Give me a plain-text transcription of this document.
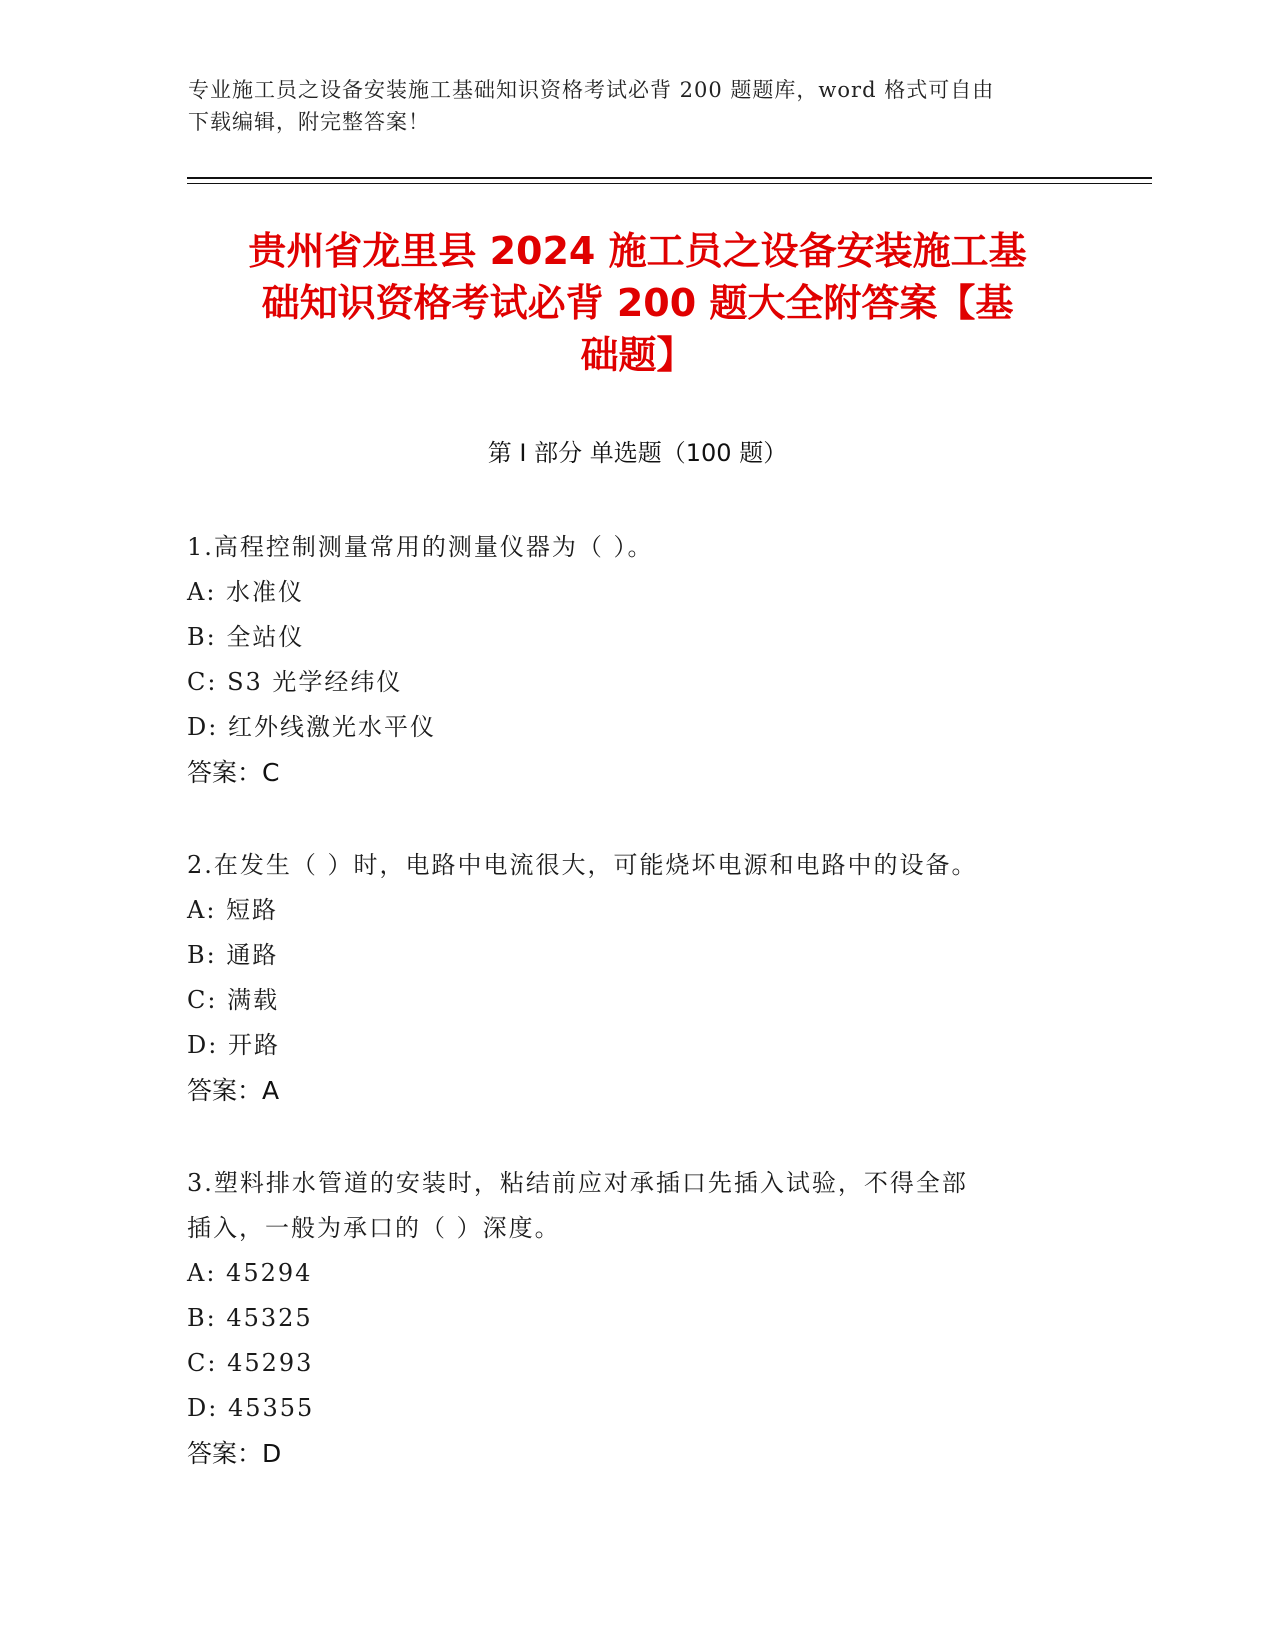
专业施工员之设备安装施工基础知识资格考试必背 200 题题库，word 格式可自由
下载编辑，附完整答案！
贵州省龙里县 2024 施工员之设备安装施工基
础知识资格考试必背 200 题大全附答案【基
础题】
第 I 部分 单选题（100 题）

1.高程控制测量常用的测量仪器为（ ）。

A: 水准仪

B: 全站仪

C: S3 光学经纬仪

D: 红外线激光水平仪

答案：C

2.在发生（ ）时，电路中电流很大，可能烧坏电源和电路中的设备。

A: 短路

B: 通路

C: 满载

D: 开路

答案：A

3.塑料排水管道的安装时，粘结前应对承插口先插入试验，不得全部

插入，一般为承口的（ ）深度。

A: 45294

B: 45325

C: 45293

D: 45355

答案：D
